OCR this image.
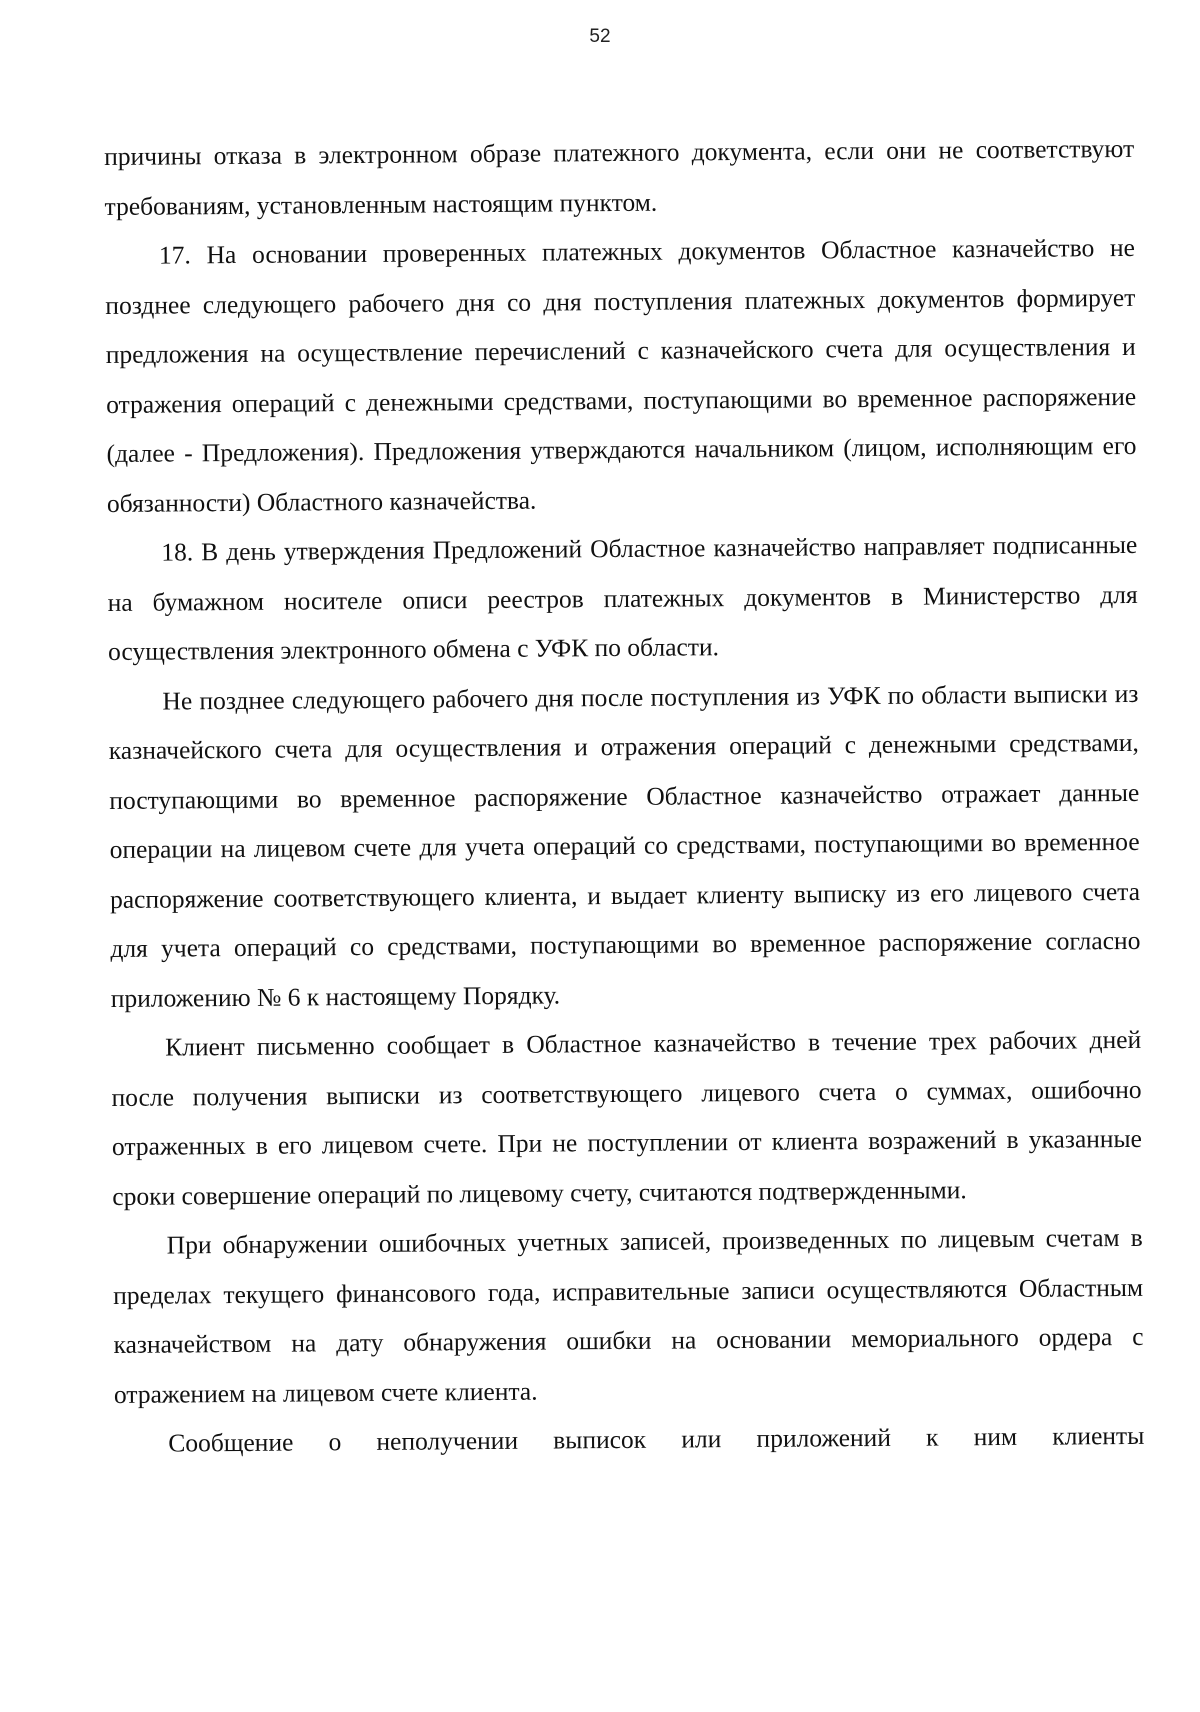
52

причины отказа в электронном образе платежного документа, если они не соответствуют требованиям, установленным настоящим пунктом.

17. На основании проверенных платежных документов Областное казначейство не позднее следующего рабочего дня со дня поступления платежных документов формирует предложения на осуществление перечислений с казначейского счета для осуществления и отражения операций с денежными средствами, поступающими во временное распоряжение (далее - Предложения). Предложения утверждаются начальником (лицом, исполняющим его обязанности) Областного казначейства.

18. В день утверждения Предложений Областное казначейство направляет подписанные на бумажном носителе описи реестров платежных документов в Министерство для осуществления электронного обмена с УФК по области.

Не позднее следующего рабочего дня после поступления из УФК по области выписки из казначейского счета для осуществления и отражения операций с денежными средствами, поступающими во временное распоряжение Областное казначейство отражает данные операции на лицевом счете для учета операций со средствами, поступающими во временное распоряжение соответствующего клиента, и выдает клиенту выписку из его лицевого счета для учета операций со средствами, поступающими во временное распоряжение согласно приложению № 6 к настоящему Порядку.

Клиент письменно сообщает в Областное казначейство в течение трех рабочих дней после получения выписки из соответствующего лицевого счета о суммах, ошибочно отраженных в его лицевом счете. При не поступлении от клиента возражений в указанные сроки совершение операций по лицевому счету, считаются подтвержденными.

При обнаружении ошибочных учетных записей, произведенных по лицевым счетам в пределах текущего финансового года, исправительные записи осуществляются Областным казначейством на дату обнаружения ошибки на основании мемориального ордера с отражением на лицевом счете клиента.

Сообщение о неполучении выписок или приложений к ним клиенты
